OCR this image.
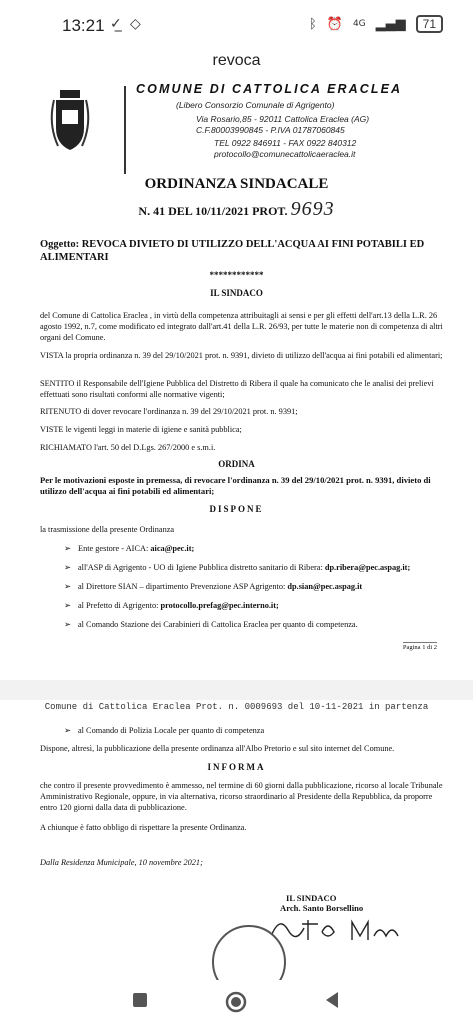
13:21 ✓̲ ◇	ᛒ ⏰ 4G ▂▄▆	71
revoca
COMUNE DI CATTOLICA ERACLEA
(Libero Consorzio Comunale di Agrigento)
Via Rosario,85 - 92011 Cattolica Eraclea (AG)
C.F.80003990845 - P.IVA 01787060845
TEL 0922 846911 - FAX 0922 840312
protocollo@comunecattolicaeraclea.it
ORDINANZA SINDACALE
N. 41 DEL 10/11/2021 PROT. 9693
Oggetto: REVOCA DIVIETO DI UTILIZZO DELL'ACQUA AI FINI POTABILI ED ALIMENTARI
************
IL SINDACO
del Comune di Cattolica Eraclea , in virtù della competenza attribuitagli ai sensi e per gli effetti dell'art.13 della L.R. 26 agosto 1992, n.7, come modificato ed integrato dall'art.41 della L.R. 26/93, per tutte le materie non di competenza di altri organi del Comune.
VISTA la propria ordinanza n. 39 del 29/10/2021 prot. n. 9391, divieto di utilizzo dell'acqua ai fini potabili ed alimentari;
SENTITO il Responsabile dell'Igiene Pubblica del Distretto di Ribera il quale ha comunicato che le analisi dei prelievi effettuati sono risultati conformi alle normative vigenti;
RITENUTO di dover revocare l'ordinanza n. 39 del 29/10/2021 prot. n. 9391;
VISTE le vigenti leggi in materie di igiene e sanità pubblica;
RICHIAMATO l'art. 50 del D.Lgs. 267/2000 e s.m.i.
ORDINA
Per le motivazioni esposte in premessa, di revocare l'ordinanza n. 39 del 29/10/2021 prot. n. 9391, divieto di utilizzo dell'acqua ai fini potabili ed alimentari;
DISPONE
la trasmissione della presente Ordinanza
➢ Ente gestore - AICA: aica@pec.it;
➢ all'ASP di Agrigento - UO di Igiene Pubblica distretto sanitario di Ribera: dp.ribera@pec.aspag.it;
➢ al Direttore SIAN – dipartimento Prevenzione ASP Agrigento: dp.sian@pec.aspag.it
➢ al Prefetto di Agrigento: protocollo.prefag@pec.interno.it;
➢ al Comando Stazione dei Carabinieri di Cattolica Eraclea per quanto di competenza.
Pagina 1 di 2
Comune di Cattolica Eraclea Prot. n. 0009693 del 10-11-2021 in partenza
➢ al Comando di Polizia Locale per quanto di competenza
Dispone, altresì, la pubblicazione della presente ordinanza all'Albo Pretorio e sul sito internet del Comune.
INFORMA
che contro il presente provvedimento è ammesso, nel termine di 60 giorni dalla pubblicazione, ricorso al locale Tribunale Amministrativo Regionale, oppure, in via alternativa, ricorso straordinario al Presidente della Repubblica, da proporre entro 120 giorni dalla data di pubblicazione.
A chiunque è fatto obbligo di rispettare la presente Ordinanza.
Dalla Residenza Municipale, 10 novembre 2021;
IL SINDACO
Arch. Santo Borsellino
